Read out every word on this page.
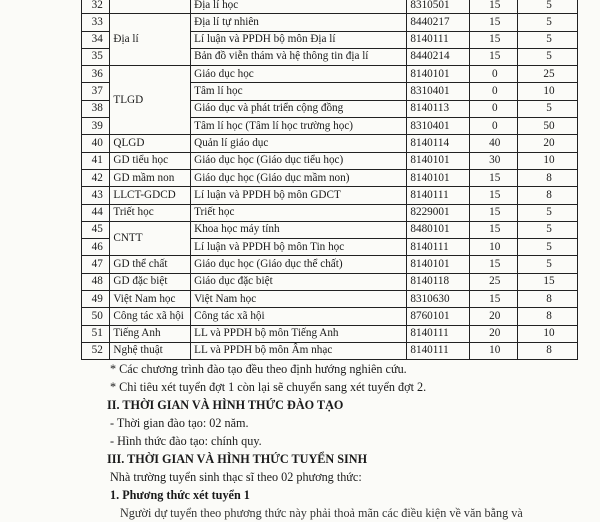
32		Địa lí học	8310501	15	5
33	Địa lí	Địa lí tự nhiên	8440217	15	5
34		Lí luận và PPDH bộ môn Địa lí	8140111	15	5
35		Bản đồ viễn thám và hệ thông tin địa lí	8440214	15	5
36	TLGD	Giáo dục học	8140101	0	25
37		Tâm lí học	8310401	0	10
38		Giáo dục và phát triển cộng đồng	8140113	0	5
39		Tâm lí học (Tâm lí học trường học)	8310401	0	50
40	QLGD	Quản lí giáo dục	8140114	40	20
41	GD tiểu học	Giáo dục học (Giáo dục tiểu học)	8140101	30	10
42	GD mầm non	Giáo dục học (Giáo dục mầm non)	8140101	15	8
43	LLCT-GDCD	Lí luận và PPDH bộ môn GDCT	8140111	15	8
44	Triết học	Triết học	8229001	15	5
45	CNTT	Khoa học máy tính	8480101	15	5
46		Lí luận và PPDH bộ môn Tin học	8140111	10	5
47	GD thể chất	Giáo dục học (Giáo dục thể chất)	8140101	15	5
48	GD đặc biệt	Giáo dục đặc biệt	8140118	25	15
49	Việt Nam học	Việt Nam học	8310630	15	8
50	Công tác xã hội	Công tác xã hội	8760101	20	8
51	Tiếng Anh	LL và PPDH bộ môn Tiếng Anh	8140111	20	10
52	Nghệ thuật	LL và PPDH bộ môn Âm nhạc	8140111	10	8

* Các chương trình đào tạo đều theo định hướng nghiên cứu.

* Chỉ tiêu xét tuyển đợt 1 còn lại sẽ chuyển sang xét tuyển đợt 2.

II. THỜI GIAN VÀ HÌNH THỨC ĐÀO TẠO

- Thời gian đào tạo: 02 năm.

- Hình thức đào tạo: chính quy.

III. THỜI GIAN VÀ HÌNH THỨC TUYỂN SINH

Nhà trường tuyển sinh thạc sĩ theo 02 phương thức:

1. Phương thức xét tuyển 1

Người dự tuyển theo phương thức này phải thoả mãn các điều kiện về văn bằng và
